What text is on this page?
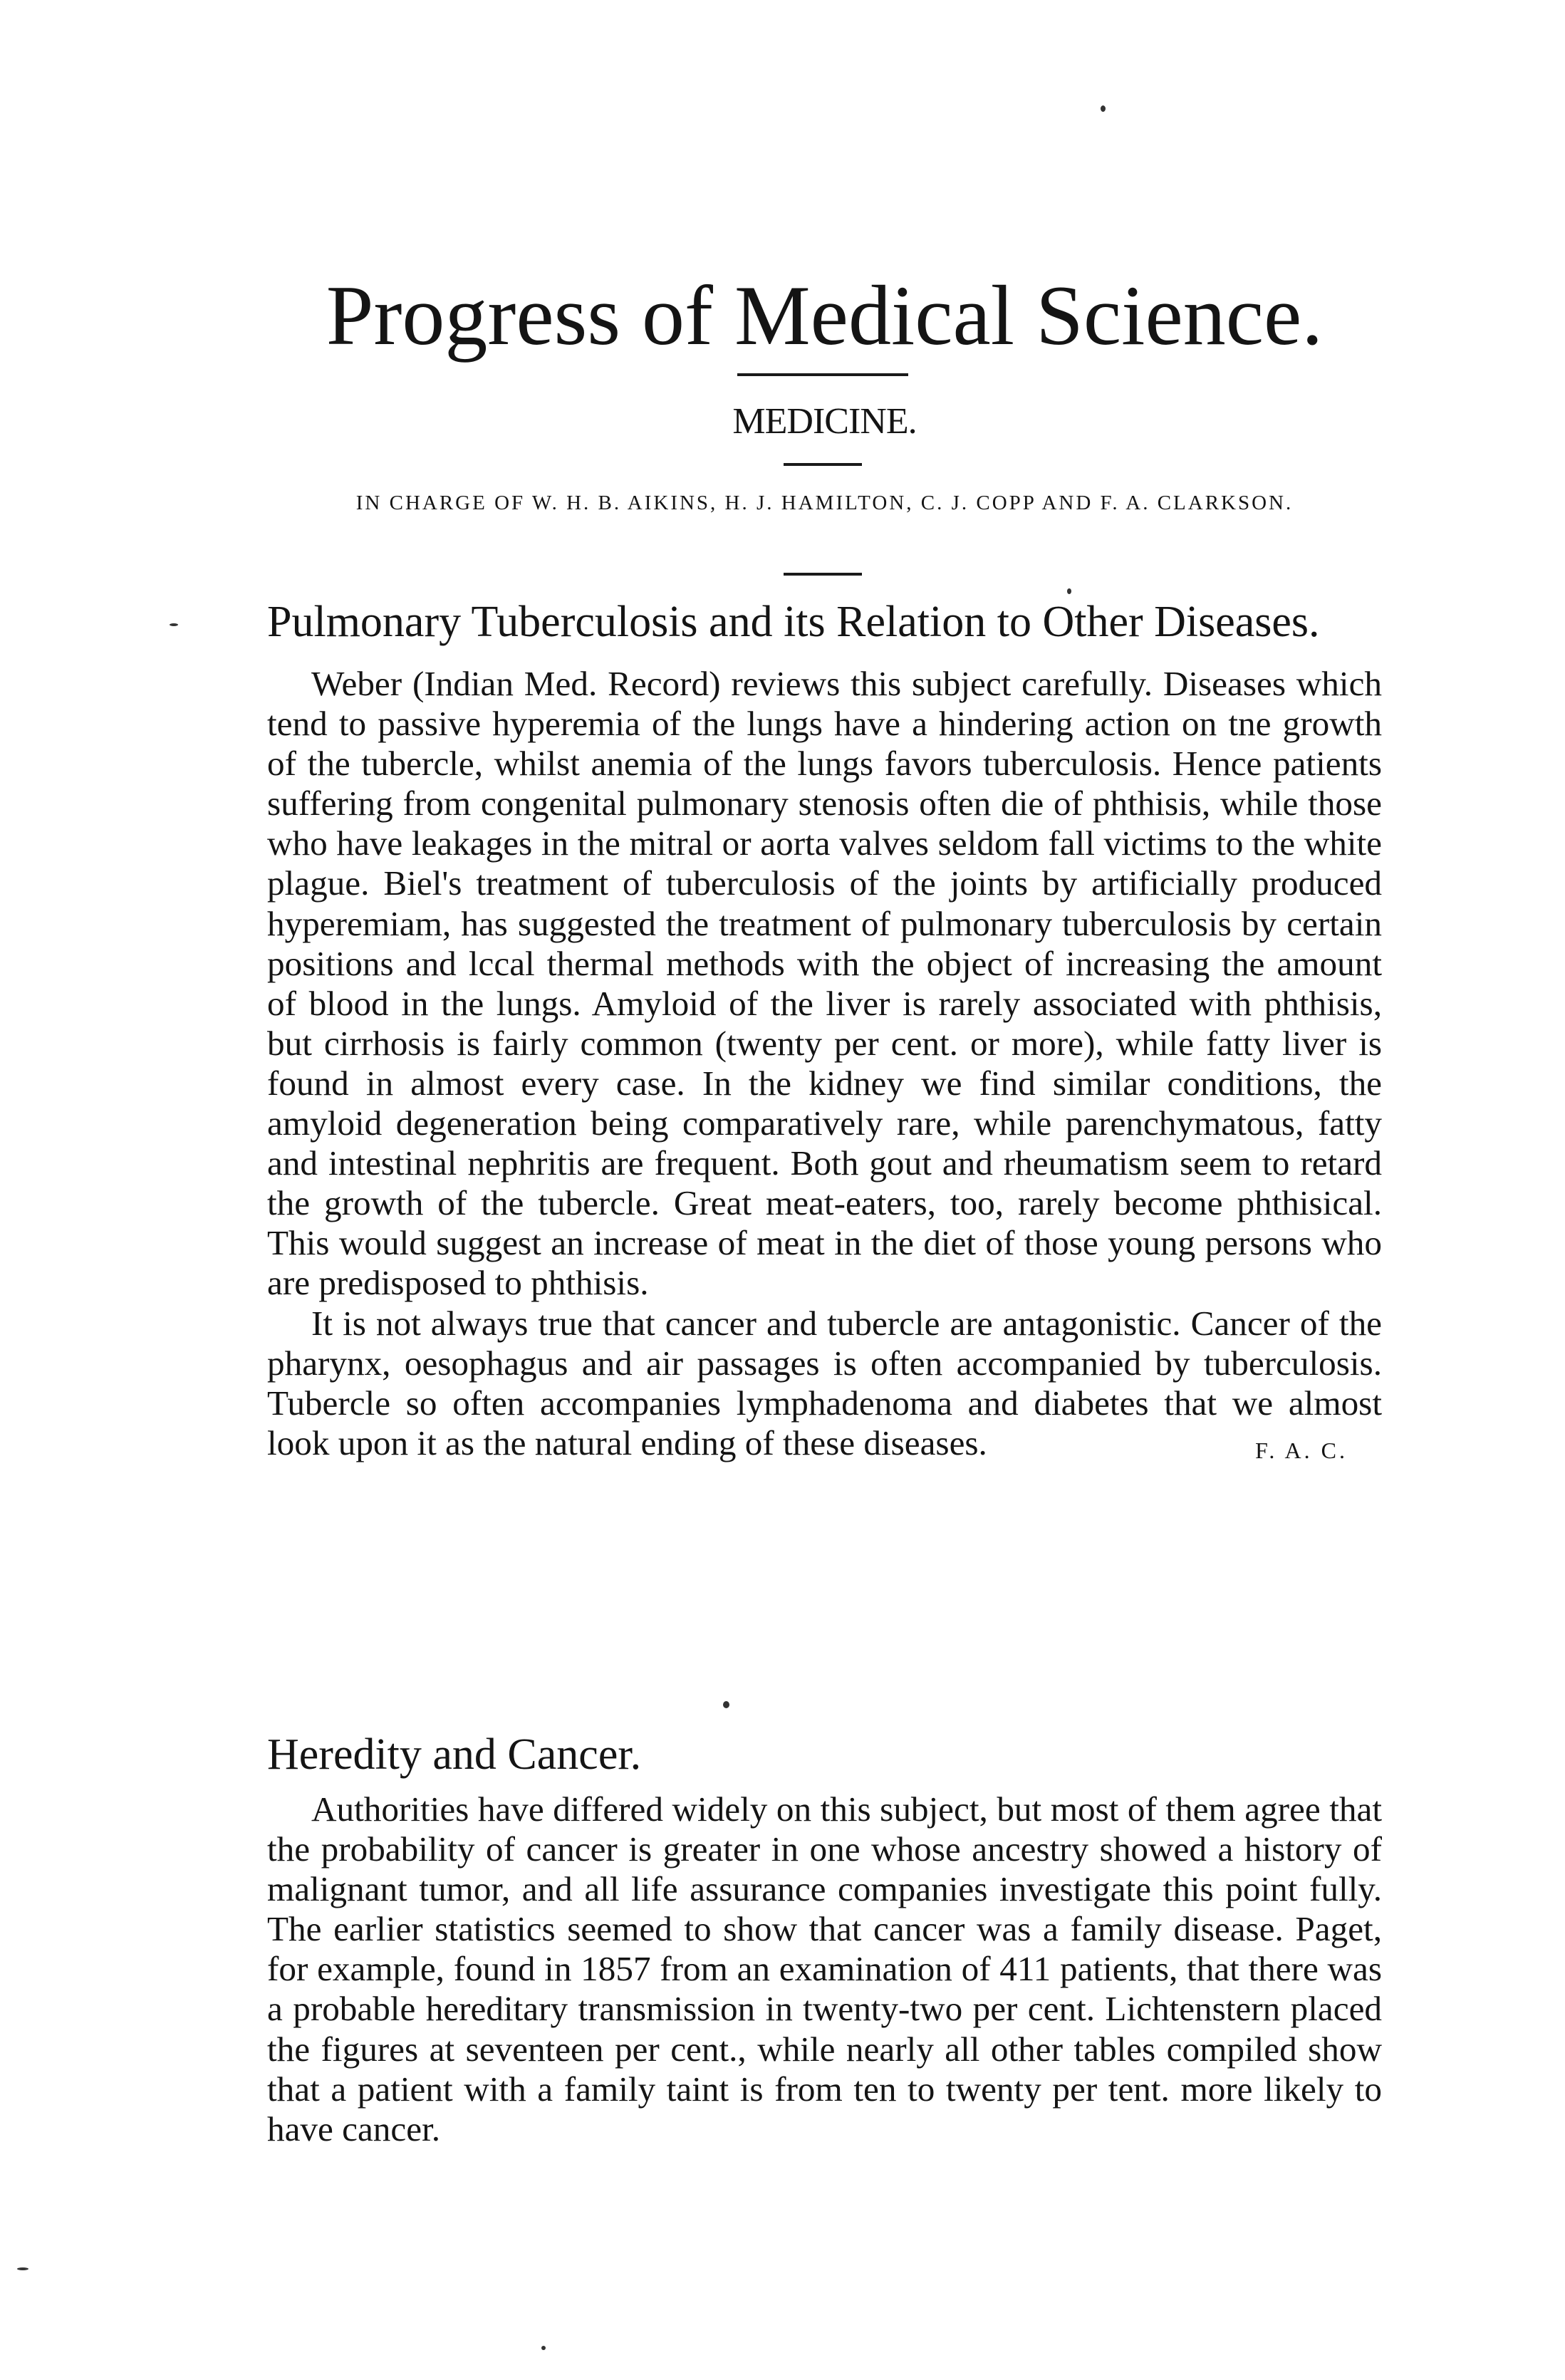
Progress of Medical Science.
MEDICINE.
IN CHARGE OF W. H. B. AIKINS, H. J. HAMILTON, C. J. COPP AND F. A. CLARKSON.
Pulmonary Tuberculosis and its Relation to Other Diseases.

Weber (Indian Med. Record) reviews this subject carefully. Diseases which tend to passive hyperemia of the lungs have a hindering action on tne growth of the tubercle, whilst anemia of the lungs favors tuberculosis. Hence patients suffering from congenital pulmonary stenosis often die of phthisis, while those who have leakages in the mitral or aorta valves seldom fall victims to the white plague. Biel's treatment of tuberculosis of the joints by artificially produced hyperemiam, has suggested the treatment of pulmonary tuberculosis by certain positions and lccal thermal methods with the object of increasing the amount of blood in the lungs. Amyloid of the liver is rarely associated with phthisis, but cirrhosis is fairly common (twenty per cent. or more), while fatty liver is found in almost every case. In the kidney we find similar conditions, the amyloid degeneration being comparatively rare, while parenchymatous, fatty and intestinal nephritis are frequent. Both gout and rheumatism seem to retard the growth of the tubercle. Great meat-eaters, too, rarely become phthisical. This would suggest an increase of meat in the diet of those young persons who are predisposed to phthisis.

It is not always true that cancer and tubercle are antagonistic. Cancer of the pharynx, oesophagus and air passages is often accompanied by tuberculosis. Tubercle so often accompanies lymphadenoma and diabetes that we almost look upon it as the natural ending of these diseases.	F. A. C.
Heredity and Cancer.

Authorities have differed widely on this subject, but most of them agree that the probability of cancer is greater in one whose ancestry showed a history of malignant tumor, and all life assurance companies investigate this point fully. The earlier statistics seemed to show that cancer was a family disease. Paget, for example, found in 1857 from an examination of 411 patients, that there was a probable hereditary transmission in twenty-two per cent. Lichtenstern placed the figures at seventeen per cent., while nearly all other tables compiled show that a patient with a family taint is from ten to twenty per tent. more likely to have cancer.
